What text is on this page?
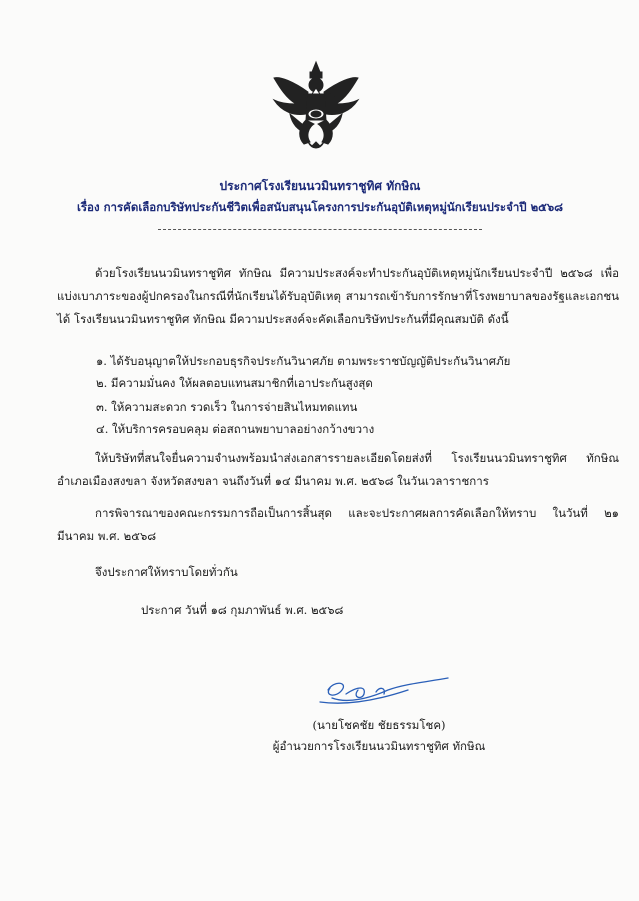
ประกาศโรงเรียนนวมินทราชูทิศ ทักษิณ
เรื่อง การคัดเลือกบริษัทประกันชีวิตเพื่อสนับสนุนโครงการประกันอุบัติเหตุหมู่นักเรียนประจำปี ๒๕๖๘
ด้วยโรงเรียนนวมินทราชูทิศ ทักษิณ มีความประสงค์จะทำประกันอุบัติเหตุหมู่นักเรียนประจำปี ๒๕๖๘ เพื่อแบ่งเบาภาระของผู้ปกครองในกรณีที่นักเรียนได้รับอุบัติเหตุ สามารถเข้ารับการรักษาที่โรงพยาบาลของรัฐและเอกชนได้ โรงเรียนนวมินทราชูทิศ ทักษิณ มีความประสงค์จะคัดเลือกบริษัทประกันที่มีคุณสมบัติ ดังนี้
๑. ได้รับอนุญาตให้ประกอบธุรกิจประกันวินาศภัย ตามพระราชบัญญัติประกันวินาศภัย
๒. มีความมั่นคง ให้ผลตอบแทนสมาชิกที่เอาประกันสูงสุด
๓. ให้ความสะดวก รวดเร็ว ในการจ่ายสินไหมทดแทน
๔. ให้บริการครอบคลุม ต่อสถานพยาบาลอย่างกว้างขวาง
ให้บริษัทที่สนใจยื่นความจำนงพร้อมนำส่งเอกสารรายละเอียดโดยส่งที่ โรงเรียนนวมินทราชูทิศ ทักษิณ อำเภอเมืองสงขลา จังหวัดสงขลา จนถึงวันที่ ๑๔ มีนาคม พ.ศ. ๒๕๖๘ ในวันเวลาราชการ
การพิจารณาของคณะกรรมการถือเป็นการสิ้นสุด และจะประกาศผลการคัดเลือกให้ทราบ ในวันที่ ๒๑ มีนาคม พ.ศ. ๒๕๖๘
จึงประกาศให้ทราบโดยทั่วกัน
ประกาศ วันที่ ๑๘ กุมภาพันธ์ พ.ศ. ๒๕๖๘
(นายโชคชัย ชัยธรรมโชค)
ผู้อำนวยการโรงเรียนนวมินทราชูทิศ ทักษิณ
